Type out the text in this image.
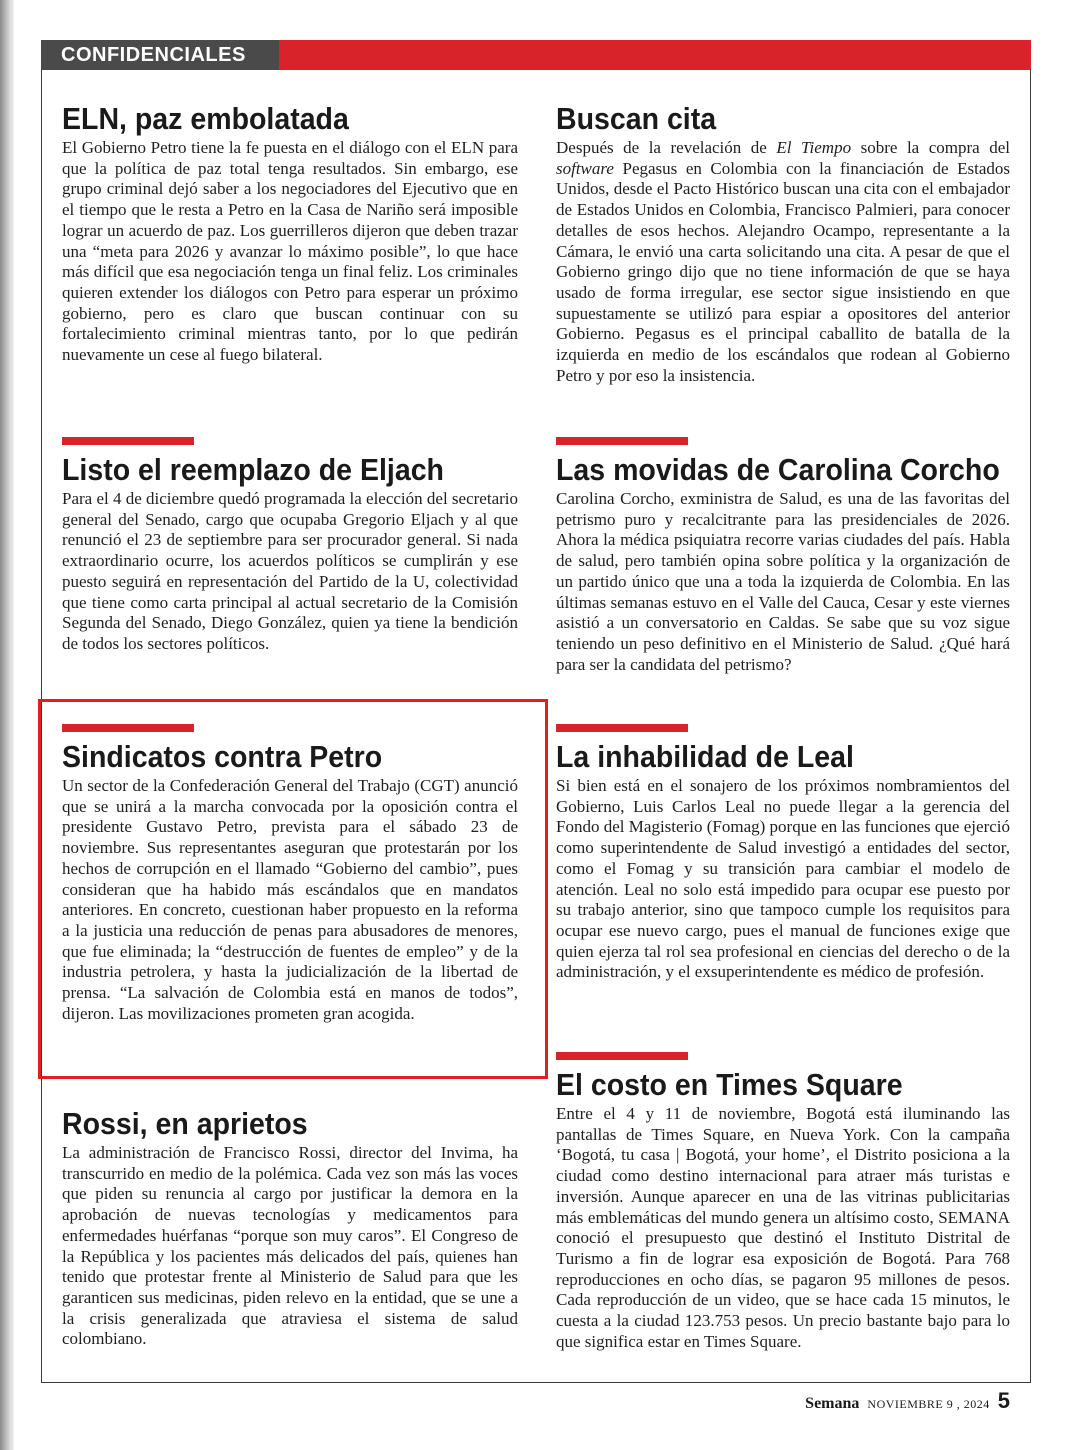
CONFIDENCIALES
ELN, paz embolatada

El Gobierno Petro tiene la fe puesta en el diálogo con el ELN para que la política de paz total tenga resultados. Sin embargo, ese grupo criminal dejó saber a los negociadores del Ejecutivo que en el tiempo que le resta a Petro en la Casa de Nariño será imposible lograr un acuerdo de paz. Los guerrilleros dijeron que deben trazar una “meta para 2026 y avanzar lo máximo posible”, lo que hace más difícil que esa negociación tenga un final feliz. Los criminales quieren extender los diálogos con Petro para esperar un próximo gobierno, pero es claro que buscan continuar con su fortalecimiento criminal mientras tanto, por lo que pedirán nuevamente un cese al fuego bilateral.

Listo el reemplazo de Eljach

Para el 4 de diciembre quedó programada la elección del secretario general del Senado, cargo que ocupaba Gregorio Eljach y al que renunció el 23 de septiembre para ser procurador general. Si nada extraordinario ocurre, los acuerdos políticos se cumplirán y ese puesto seguirá en representación del Partido de la U, colectividad que tiene como carta principal al actual secretario de la Comisión Segunda del Senado, Diego González, quien ya tiene la bendición de todos los sectores políticos.

Sindicatos contra Petro

Un sector de la Confederación General del Trabajo (CGT) anunció que se unirá a la marcha convocada por la oposición contra el presidente Gustavo Petro, prevista para el sábado 23 de noviembre. Sus representantes aseguran que protestarán por los hechos de corrupción en el llamado “Gobierno del cambio”, pues consideran que ha habido más escándalos que en mandatos anteriores. En concreto, cuestionan haber propuesto en la reforma a la justicia una reducción de penas para abusadores de menores, que fue eliminada; la “destrucción de fuentes de empleo” y de la industria petrolera, y hasta la judicialización de la libertad de prensa. “La salvación de Colombia está en manos de todos”, dijeron. Las movilizaciones prometen gran acogida.

Rossi, en aprietos

La administración de Francisco Rossi, director del Invima, ha transcurrido en medio de la polémica. Cada vez son más las voces que piden su renuncia al cargo por justificar la demora en la aprobación de nuevas tecnologías y medicamentos para enfermedades huérfanas “porque son muy caros”. El Congreso de la República y los pacientes más delicados del país, quienes han tenido que protestar frente al Ministerio de Salud para que les garanticen sus medicinas, piden relevo en la entidad, que se une a la crisis generalizada que atraviesa el sistema de salud colombiano.

Buscan cita

Después de la revelación de El Tiempo sobre la compra del software Pegasus en Colombia con la financiación de Estados Unidos, desde el Pacto Histórico buscan una cita con el embajador de Estados Unidos en Colombia, Francisco Palmieri, para conocer detalles de esos hechos. Alejandro Ocampo, representante a la Cámara, le envió una carta solicitando una cita. A pesar de que el Gobierno gringo dijo que no tiene información de que se haya usado de forma irregular, ese sector sigue insistiendo en que supuestamente se utilizó para espiar a opositores del anterior Gobierno. Pegasus es el principal caballito de batalla de la izquierda en medio de los escándalos que rodean al Gobierno Petro y por eso la insistencia.

Las movidas de Carolina Corcho

Carolina Corcho, exministra de Salud, es una de las favoritas del petrismo puro y recalcitrante para las presidenciales de 2026. Ahora la médica psiquiatra recorre varias ciudades del país. Habla de salud, pero también opina sobre política y la organización de un partido único que una a toda la izquierda de Colombia. En las últimas semanas estuvo en el Valle del Cauca, Cesar y este viernes asistió a un conversatorio en Caldas. Se sabe que su voz sigue teniendo un peso definitivo en el Ministerio de Salud. ¿Qué hará para ser la candidata del petrismo?

La inhabilidad de Leal

Si bien está en el sonajero de los próximos nombramientos del Gobierno, Luis Carlos Leal no puede llegar a la gerencia del Fondo del Magisterio (Fomag) porque en las funciones que ejerció como superintendente de Salud investigó a entidades del sector, como el Fomag y su transición para cambiar el modelo de atención. Leal no solo está impedido para ocupar ese puesto por su trabajo anterior, sino que tampoco cumple los requisitos para ocupar ese nuevo cargo, pues el manual de funciones exige que quien ejerza tal rol sea profesional en ciencias del derecho o de la administración, y el exsuperintendente es médico de profesión.

El costo en Times Square

Entre el 4 y 11 de noviembre, Bogotá está iluminando las pantallas de Times Square, en Nueva York. Con la campaña ‘Bogotá, tu casa | Bogotá, your home’, el Distrito posiciona a la ciudad como destino internacional para atraer más turistas e inversión. Aunque aparecer en una de las vitrinas publicitarias más emblemáticas del mundo genera un altísimo costo, SEMANA conoció el presupuesto que destinó el Instituto Distrital de Turismo a fin de lograr esa exposición de Bogotá. Para 768 reproducciones en ocho días, se pagaron 95 millones de pesos. Cada reproducción de un video, que se hace cada 15 minutos, le cuesta a la ciudad 123.753 pesos. Un precio bastante bajo para lo que significa estar en Times Square.

Semana NOVIEMBRE 9 , 2024 5
